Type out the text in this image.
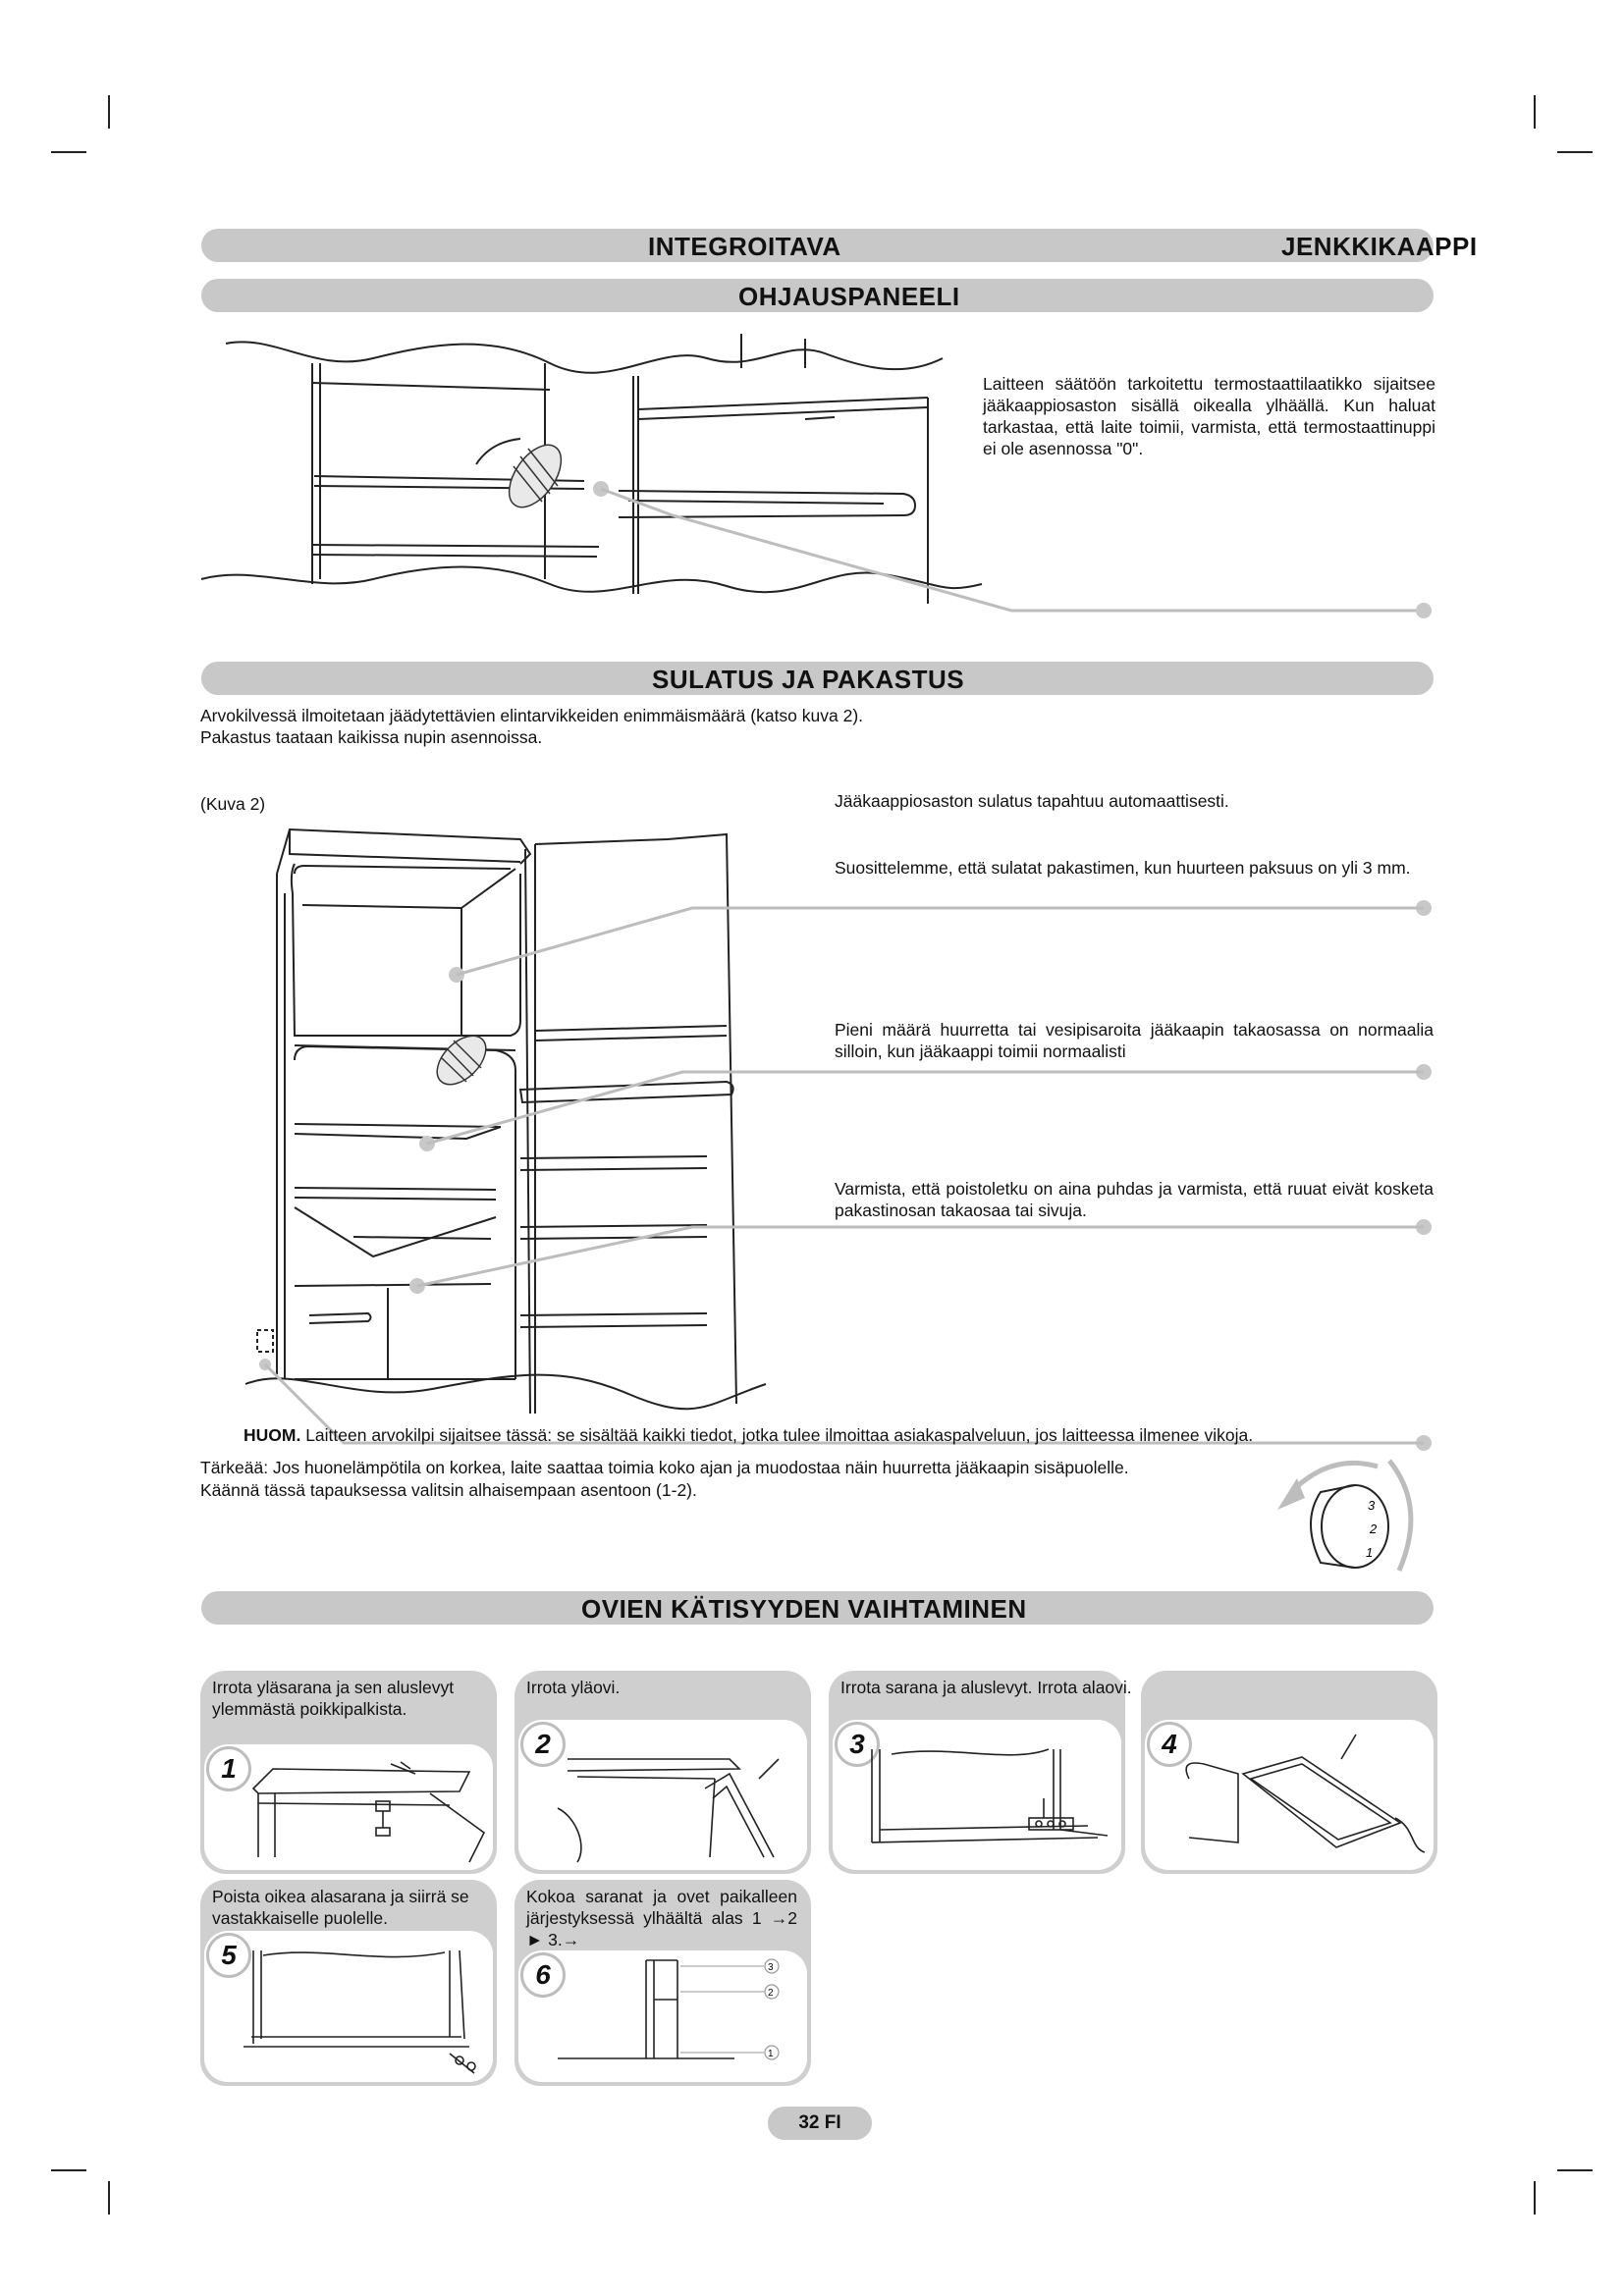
INTEGROITAVA	JENKKIKAAPPI
OHJAUSPANEELI
Laitteen säätöön tarkoitettu termostaattilaatikko sijaitsee jääkaappiosaston sisällä oikealla ylhäällä. Kun haluat tarkastaa, että laite toimii, varmista, että termostaattinuppi ei ole asennossa "0".
SULATUS JA PAKASTUS
Arvokilvessä ilmoitetaan jäädytettävien elintarvikkeiden enimmäismäärä (katso kuva 2).
Pakastus taataan kaikissa nupin asennoissa.
(Kuva 2)	Jääkaappiosaston sulatus tapahtuu automaattisesti.
Suosittelemme, että sulatat pakastimen, kun huurteen paksuus on yli 3 mm.
Pieni määrä huurretta tai vesipisaroita jääkaapin takaosassa on normaalia silloin, kun jääkaappi toimii normaalisti
Varmista, että poistoletku on aina puhdas ja varmista, että ruuat eivät kosketa pakastinosan takaosaa tai sivuja.
HUOM. Laitteen arvokilpi sijaitsee tässä: se sisältää kaikki tiedot, jotka tulee ilmoittaa asiakaspalveluun, jos laitteessa ilmenee vikoja.
Tärkeää: Jos huonelämpötila on korkea, laite saattaa toimia koko ajan ja muodostaa näin huurretta jääkaapin sisäpuolelle.
Käännä tässä tapauksessa valitsin alhaisempaan asentoon (1-2).
3
2
1
OVIEN KÄTISYYDEN VAIHTAMINEN
Irrota yläsarana ja sen aluslevyt ylemmästä poikkipalkista.
1
Irrota yläovi.
2	3
Irrota sarana ja aluslevyt. Irrota alaovi.
4
Poista oikea alasarana ja siirrä se vastakkaiselle puolelle.
5
Kokoa saranat ja ovet paikalleen järjestyksessä ylhäältä alas 1 →2 ► 3.→
6	3
2
1
32 FI
